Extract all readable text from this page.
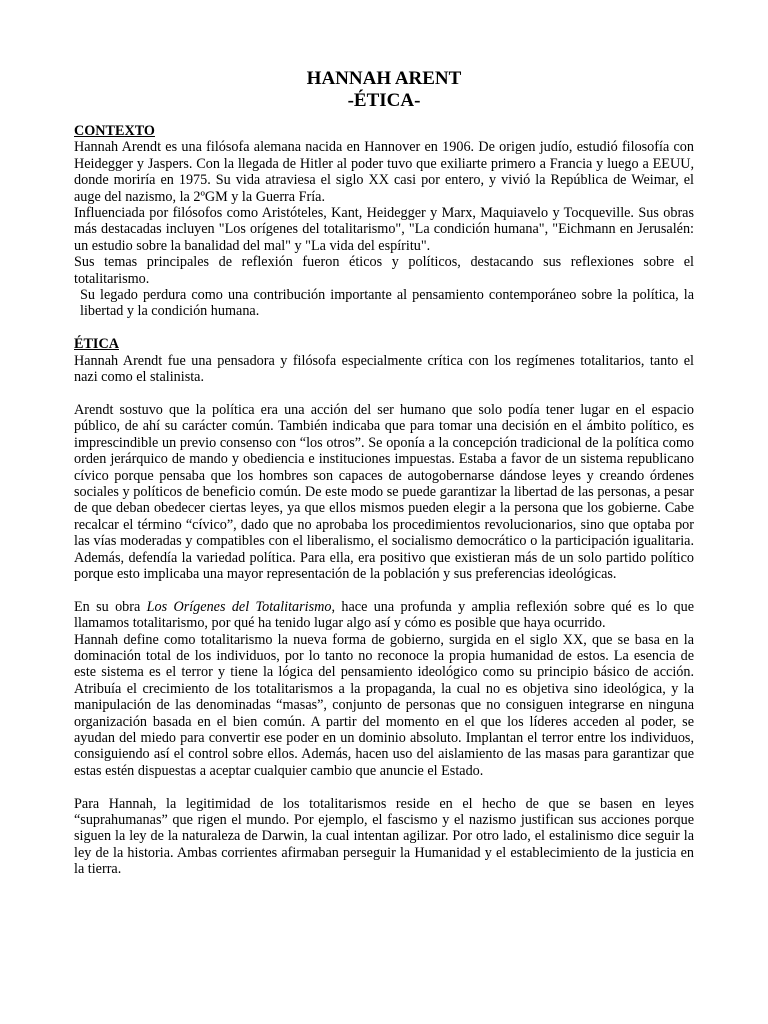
HANNAH ARENT
-ÉTICA-
CONTEXTO

Hannah Arendt es una filósofa alemana nacida en Hannover en 1906. De origen judío, estudió filosofía con Heidegger y Jaspers. Con la llegada de Hitler al poder tuvo que exiliarte primero a Francia y luego a EEUU, donde moriría en 1975. Su vida atraviesa el siglo XX casi por entero, y vivió la República de Weimar, el auge del nazismo, la 2ºGM y la Guerra Fría.

Influenciada por filósofos como Aristóteles, Kant, Heidegger y Marx, Maquiavelo y Tocqueville. Sus obras más destacadas incluyen "Los orígenes del totalitarismo", "La condición humana", "Eichmann en Jerusalén: un estudio sobre la banalidad del mal" y "La vida del espíritu".

Sus temas principales de reflexión fueron éticos y políticos, destacando sus reflexiones sobre el totalitarismo.

Su legado perdura como una contribución importante al pensamiento contemporáneo sobre la política, la libertad y la condición humana.

ÉTICA

Hannah Arendt fue una pensadora y filósofa especialmente crítica con los regímenes totalitarios, tanto el nazi como el stalinista.

Arendt sostuvo que la política era una acción del ser humano que solo podía tener lugar en el espacio público, de ahí su carácter común. También indicaba que para tomar una decisión en el ámbito político, es imprescindible un previo consenso con “los otros”. Se oponía a la concepción tradicional de la política como orden jerárquico de mando y obediencia e instituciones impuestas. Estaba a favor de un sistema republicano cívico porque pensaba que los hombres son capaces de autogobernarse dándose leyes y creando órdenes sociales y políticos de beneficio común. De este modo se puede garantizar la libertad de las personas, a pesar de que deban obedecer ciertas leyes, ya que ellos mismos pueden elegir a la persona que los gobierne. Cabe recalcar el término “cívico”, dado que no aprobaba los procedimientos revolucionarios, sino que optaba por las vías moderadas y compatibles con el liberalismo, el socialismo democrático o la participación igualitaria. Además, defendía la variedad política. Para ella, era positivo que existieran más de un solo partido político porque esto implicaba una mayor representación de la población y sus preferencias ideológicas.

En su obra Los Orígenes del Totalitarismo, hace una profunda y amplia reflexión sobre qué es lo que llamamos totalitarismo, por qué ha tenido lugar algo así y cómo es posible que haya ocurrido.

Hannah define como totalitarismo la nueva forma de gobierno, surgida en el siglo XX, que se basa en la dominación total de los individuos, por lo tanto no reconoce la propia humanidad de estos. La esencia de este sistema es el terror y tiene la lógica del pensamiento ideológico como su principio básico de acción. Atribuía el crecimiento de los totalitarismos a la propaganda, la cual no es objetiva sino ideológica, y la manipulación de las denominadas “masas”, conjunto de personas que no consiguen integrarse en ninguna organización basada en el bien común. A partir del momento en el que los líderes acceden al poder, se ayudan del miedo para convertir ese poder en un dominio absoluto. Implantan el terror entre los individuos, consiguiendo así el control sobre ellos. Además, hacen uso del aislamiento de las masas para garantizar que estas estén dispuestas a aceptar cualquier cambio que anuncie el Estado.

Para Hannah, la legitimidad de los totalitarismos reside en el hecho de que se basen en leyes “suprahumanas” que rigen el mundo. Por ejemplo, el fascismo y el nazismo justifican sus acciones porque siguen la ley de la naturaleza de Darwin, la cual intentan agilizar. Por otro lado, el estalinismo dice seguir la ley de la historia. Ambas corrientes afirmaban perseguir la Humanidad y el establecimiento de la justicia en la tierra.
